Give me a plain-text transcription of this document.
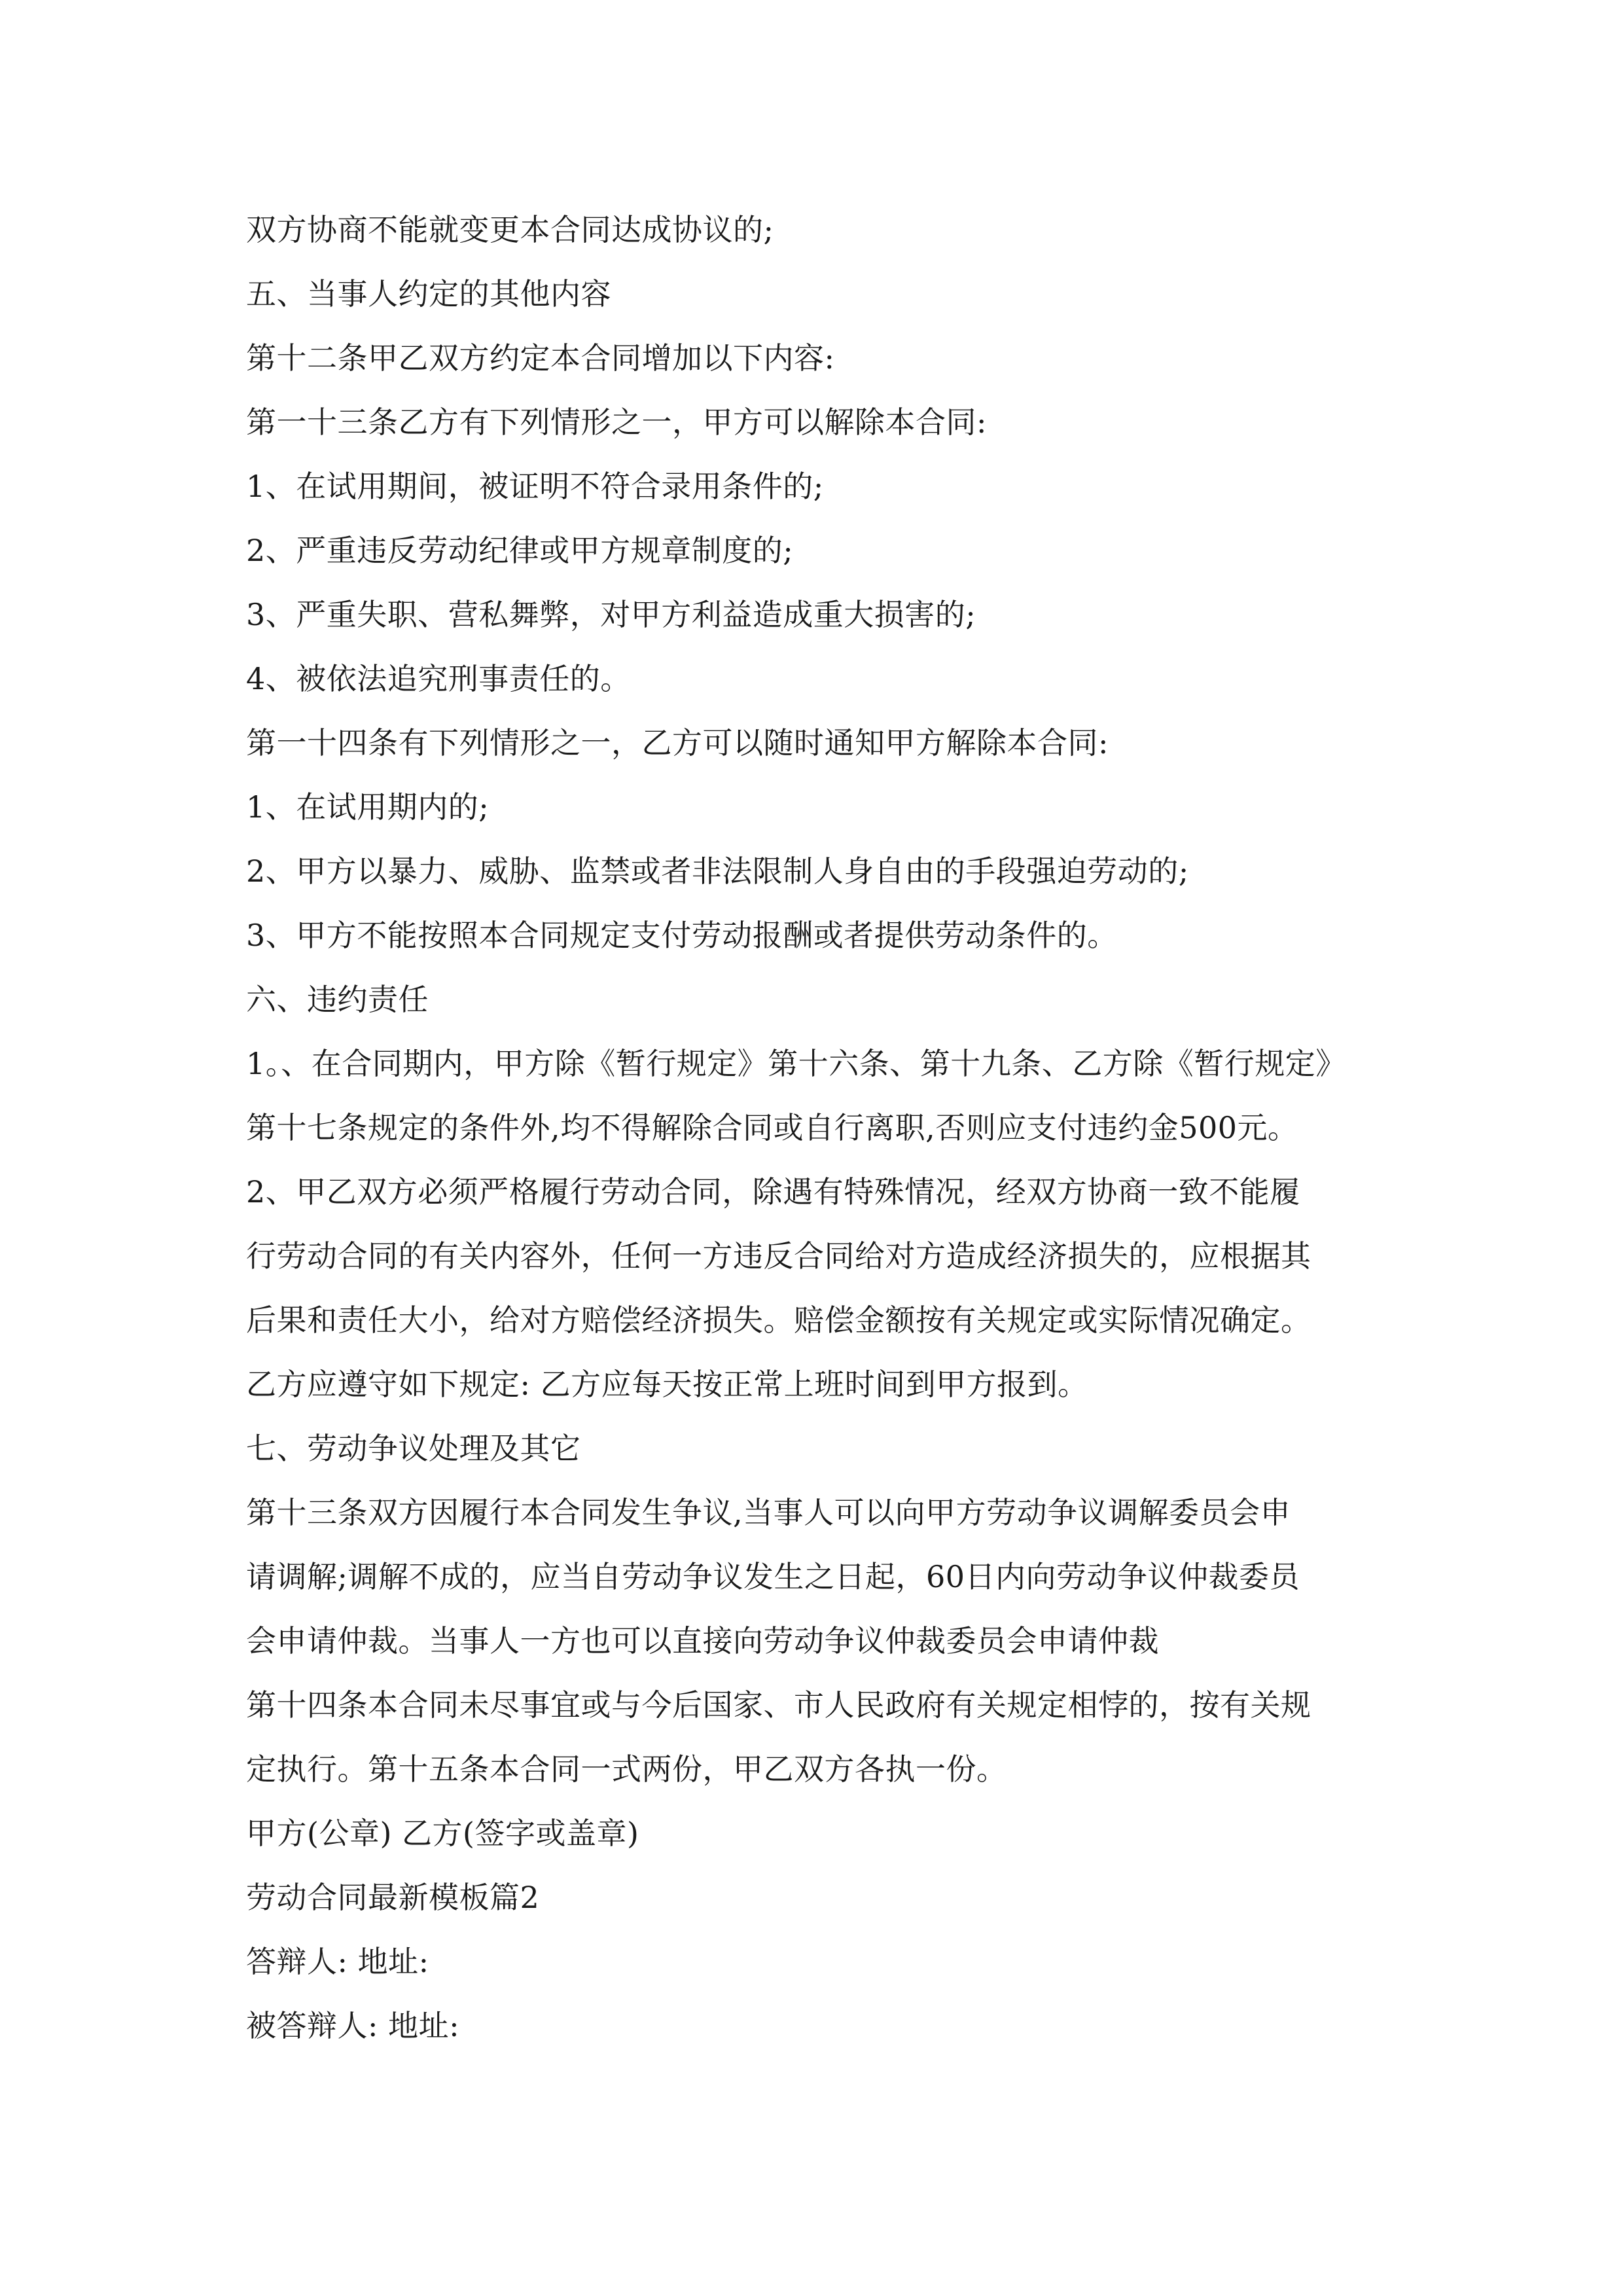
双方协商不能就变更本合同达成协议的;
五、当事人约定的其他内容
第十二条甲乙双方约定本合同增加以下内容:
第一十三条乙方有下列情形之一，甲方可以解除本合同:
1、在试用期间，被证明不符合录用条件的;
2、严重违反劳动纪律或甲方规章制度的;
3、严重失职、营私舞弊，对甲方利益造成重大损害的;
4、被依法追究刑事责任的。
第一十四条有下列情形之一，乙方可以随时通知甲方解除本合同:
1、在试用期内的;
2、甲方以暴力、威胁、监禁或者非法限制人身自由的手段强迫劳动的;
3、甲方不能按照本合同规定支付劳动报酬或者提供劳动条件的。
六、违约责任
1。、在合同期内，甲方除《暂行规定》第十六条、第十九条、乙方除《暂行规定》
第十七条规定的条件外,均不得解除合同或自行离职,否则应支付违约金500元。
2、甲乙双方必须严格履行劳动合同，除遇有特殊情况，经双方协商一致不能履
行劳动合同的有关内容外，任何一方违反合同给对方造成经济损失的，应根据其
后果和责任大小，给对方赔偿经济损失。赔偿金额按有关规定或实际情况确定。
乙方应遵守如下规定: 乙方应每天按正常上班时间到甲方报到。
七、劳动争议处理及其它
第十三条双方因履行本合同发生争议,当事人可以向甲方劳动争议调解委员会申
请调解;调解不成的，应当自劳动争议发生之日起，60日内向劳动争议仲裁委员
会申请仲裁。当事人一方也可以直接向劳动争议仲裁委员会申请仲裁
第十四条本合同未尽事宜或与今后国家、市人民政府有关规定相悖的，按有关规
定执行。第十五条本合同一式两份，甲乙双方各执一份。
甲方(公章) 乙方(签字或盖章)
劳动合同最新模板篇2
答辩人: 地址:
被答辩人: 地址:
